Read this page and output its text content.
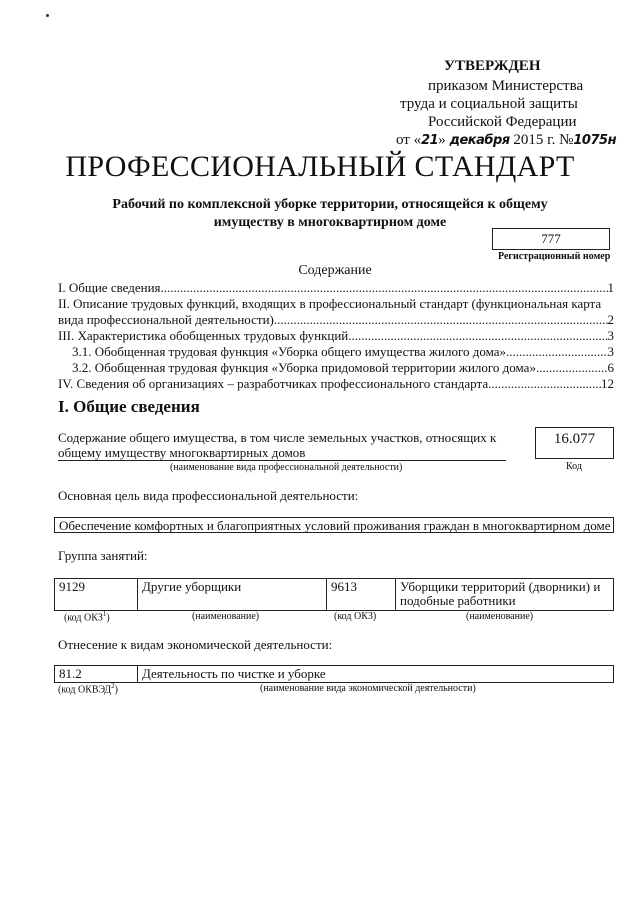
УТВЕРЖДЕН
приказом Министерства
труда и социальной защиты
Российской Федерации
от «21» декабря 2015 г. №1075н
ПРОФЕССИОНАЛЬНЫЙ СТАНДАРТ
Рабочий по комплексной уборке территории, относящейся к общему имуществу в многоквартирном доме
777
Регистрационный номер
Содержание
I. Общие сведения .....	1
II. Описание трудовых функций, входящих в профессиональный стандарт (функциональная карта
вида профессиональной деятельности) .....	2
III. Характеристика обобщенных трудовых функций .....	3
3.1. Обобщенная трудовая функция «Уборка общего имущества жилого дома» .....	3
3.2. Обобщенная трудовая функция «Уборка придомовой территории жилого дома» .....	6
IV. Сведения об организациях – разработчиках профессионального стандарта .....	12
I. Общие сведения
Содержание общего имущества, в том числе земельных участков, относящих к общему имуществу многоквартирных домов
(наименование вида профессиональной деятельности)
16.077
Код
Основная цель вида профессиональной деятельности:
Обеспечение комфортных и благоприятных условий проживания граждан в многоквартирном доме
Группа занятий:
9129	Другие уборщики	9613	Уборщики территорий (дворники) и подобные работники
(код ОКЗ$^1$)	(наименование)	(код ОКЗ)	(наименование)
Отнесение к видам экономической деятельности:
81.2	Деятельность по чистке и уборке
(код ОКВЭД$^2$)	(наименование вида экономической деятельности)
